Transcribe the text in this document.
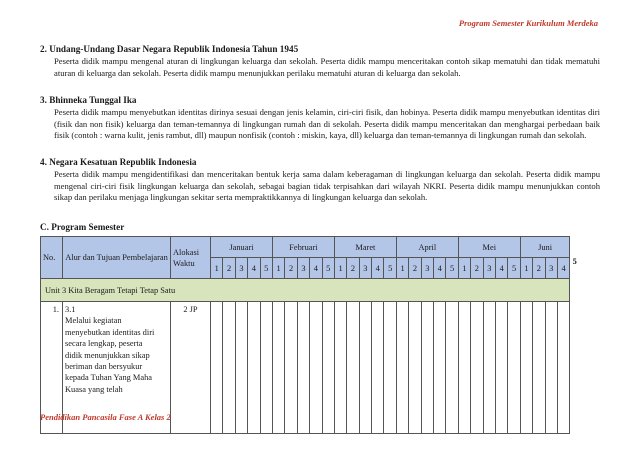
Program Semester Kurikulum Merdeka
2. Undang-Undang Dasar Negara Republik Indonesia Tahun 1945
Peserta didik mampu mengenal aturan di lingkungan keluarga dan sekolah. Peserta didik mampu menceritakan contoh sikap mematuhi dan tidak mematuhi aturan di keluarga dan sekolah. Peserta didik mampu menunjukkan perilaku mematuhi aturan di keluarga dan sekolah.
3. Bhinneka Tunggal Ika
Peserta didik mampu menyebutkan identitas dirinya sesuai dengan jenis kelamin, ciri-ciri fisik, dan hobinya. Peserta didik mampu menyebutkan identitas diri (fisik dan non fisik) keluarga dan teman-temannya di lingkungan rumah dan di sekolah. Peserta didik mampu menceritakan dan menghargai perbedaan baik fisik (contoh : warna kulit, jenis rambut, dll) maupun nonfisik (contoh : miskin, kaya, dll) keluarga dan teman-temannya di lingkungan rumah dan sekolah.
4. Negara Kesatuan Republik Indonesia
Peserta didik mampu mengidentifikasi dan menceritakan bentuk kerja sama dalam keberagaman di lingkungan keluarga dan sekolah. Peserta didik mampu mengenal ciri-ciri fisik lingkungan keluarga dan sekolah, sebagai bagian tidak terpisahkan dari wilayah NKRI. Peserta didik mampu menunjukkan contoh sikap dan perilaku menjaga lingkungan sekitar serta mempraktikkannya di lingkungan keluarga dan sekolah.
C. Program Semester
No.	Alur dan Tujuan Pembelajaran	Alokasi Waktu	Januari					Februari					Maret					April					Mei					Juni			
			1	2	3	4	5	1	2	3	4	5	1	2	3	4	5	1	2	3	4	5	1	2	3	4	5	1	2	3	4
Unit 3 Kita Beragam Tetapi Tetap Satu																															
1.	3.1Melalui kegiatan menyebutkan identitas diri secara lengkap, peserta didik menunjukkan sikap beriman dan bersyukur kepada Tuhan Yang Maha Kuasa yang telah	2 JP																													
Pendidikan Pancasila Fase A Kelas 2
5
